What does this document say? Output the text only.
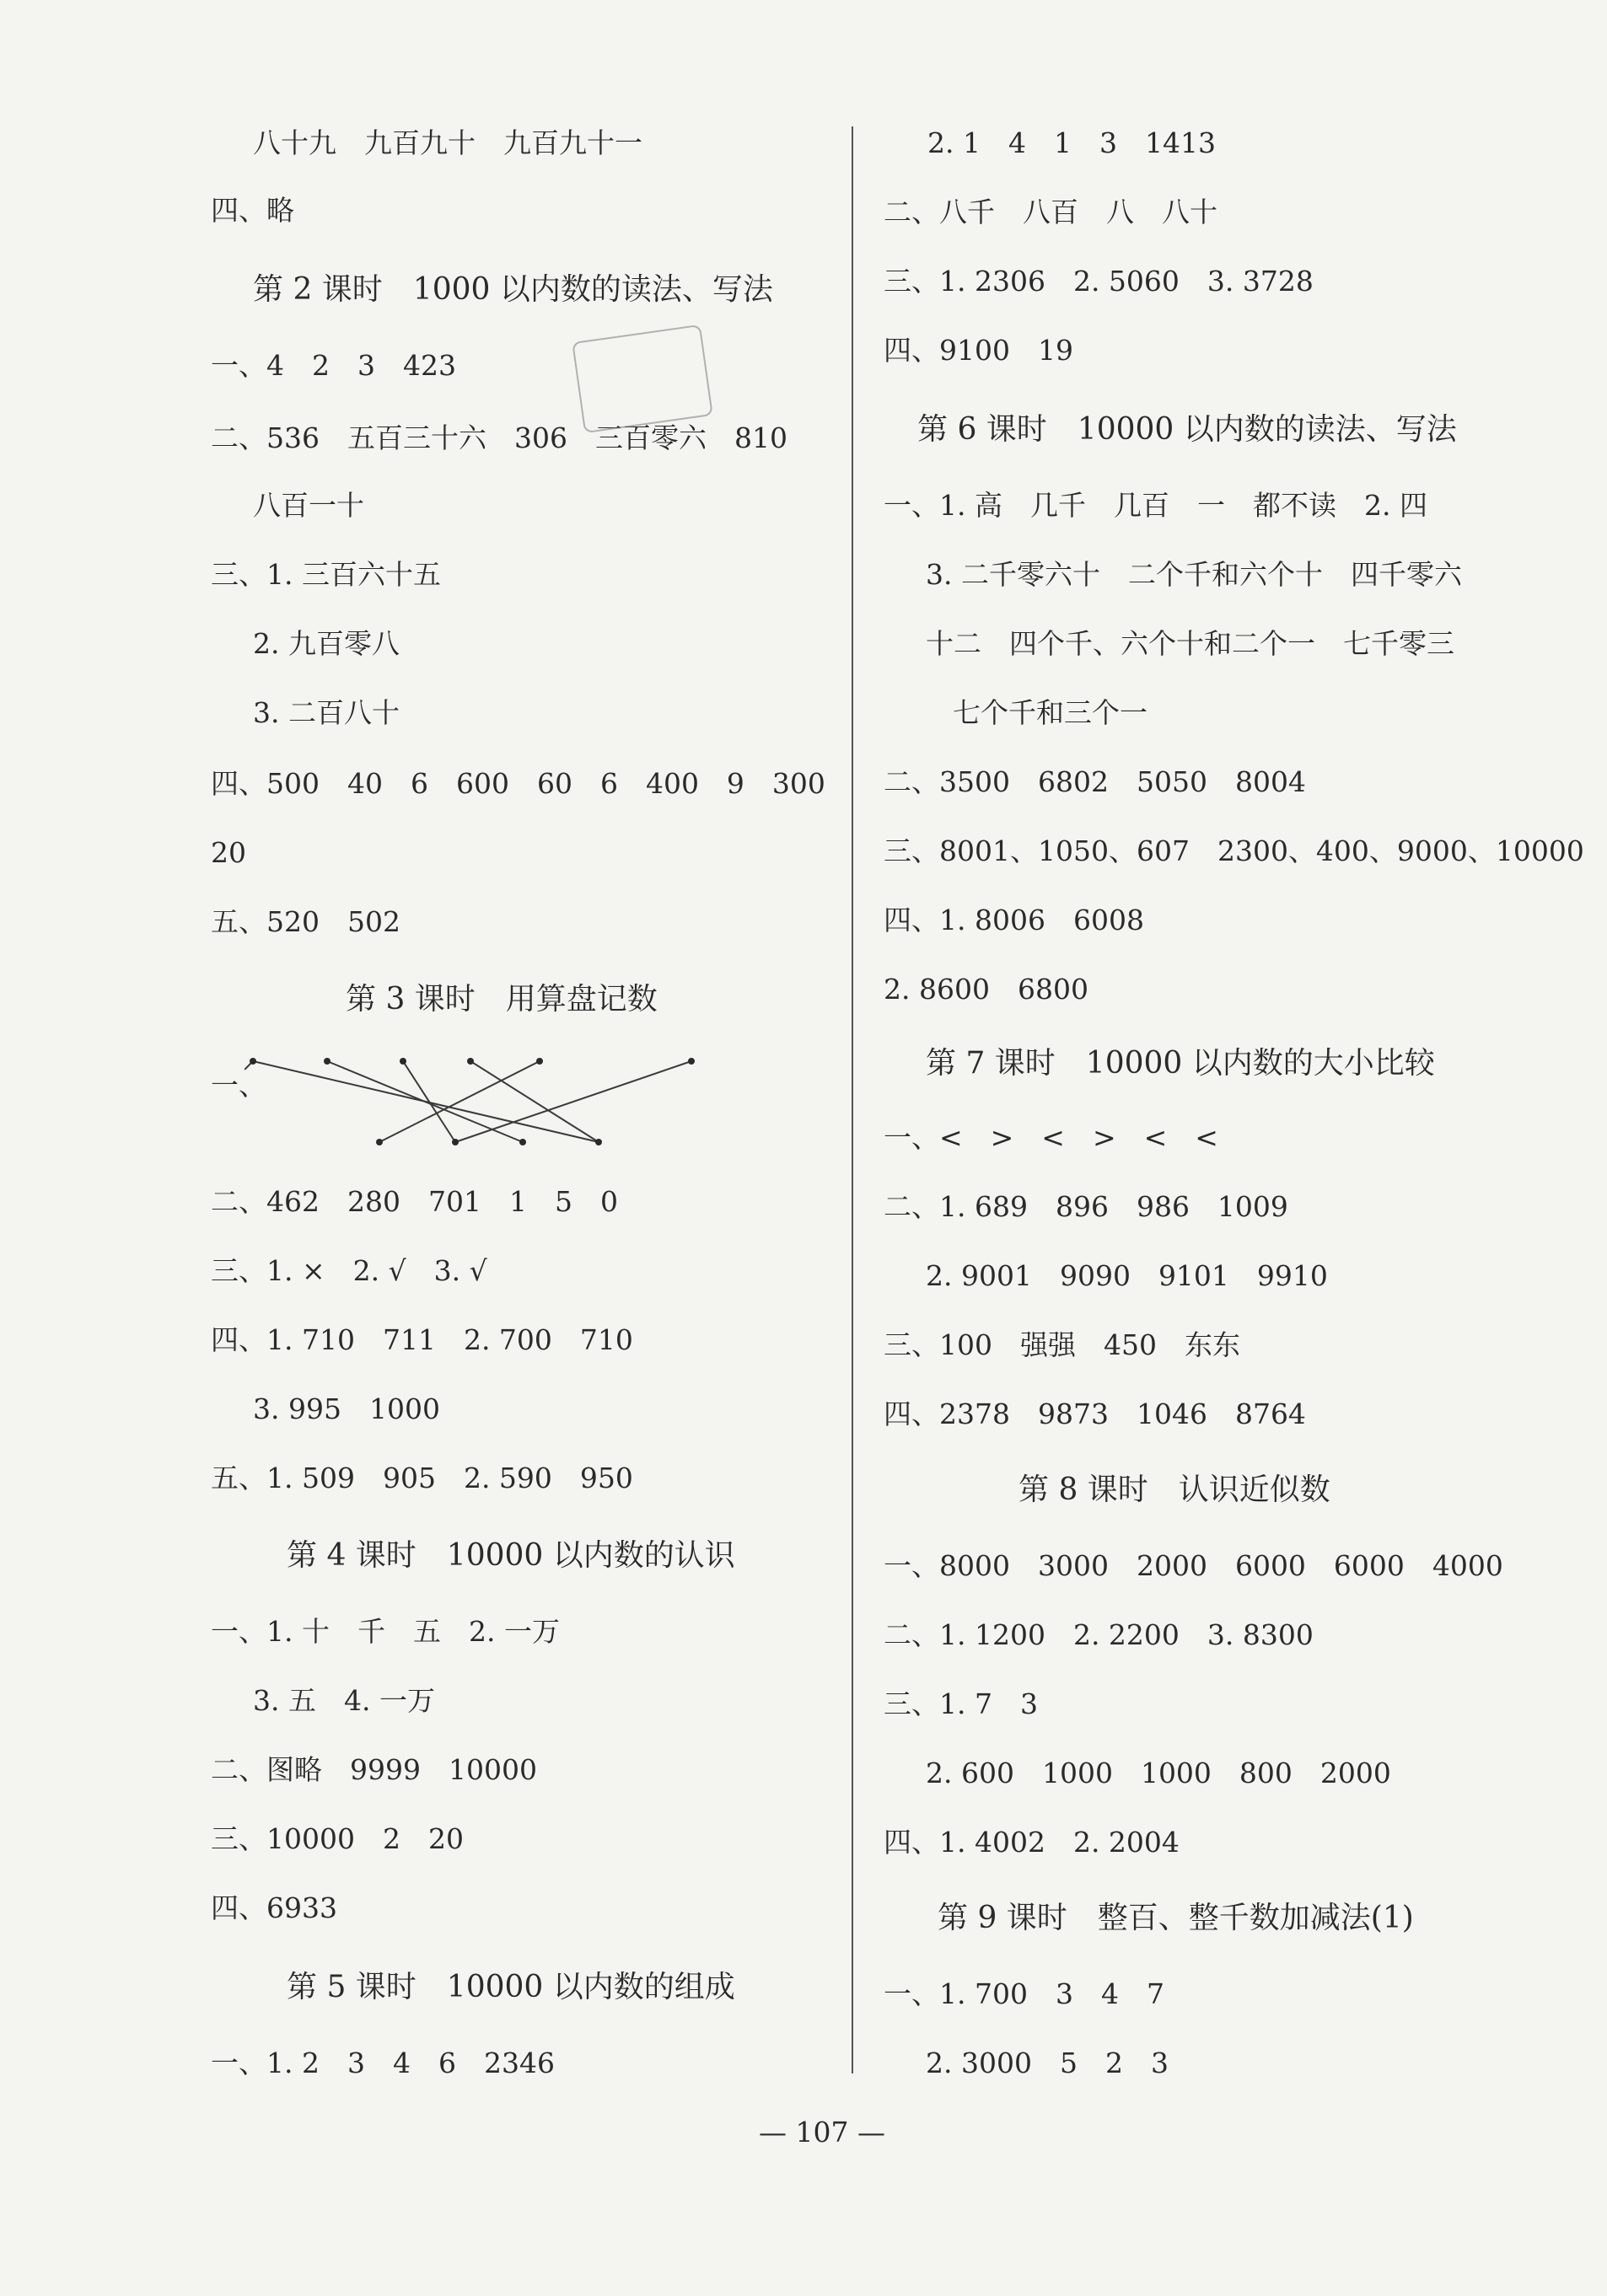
八十九　九百九十　九百九十一
四、略
第 2 课时　1000 以内数的读法、写法
一、4　2　3　423
二、536　五百三十六　306　三百零六　810
八百一十
三、1. 三百六十五
2. 九百零八
3. 二百八十
四、500　40　6　600　60　6　400　9　300
20
五、520　502
第 3 课时　用算盘记数
一、
二、462　280　701　1　5　0
三、1. ×　2. √　3. √
四、1. 710　711　2. 700　710
3. 995　1000
五、1. 509　905　2. 590　950
第 4 课时　10000 以内数的认识
一、1. 十　千　五　2. 一万
3. 五　4. 一万
二、图略　9999　10000
三、10000　2　20
四、6933
第 5 课时　10000 以内数的组成
一、1. 2　3　4　6　2346
2. 1　4　1　3　1413
二、八千　八百　八　八十
三、1. 2306　2. 5060　3. 3728
四、9100　19
第 6 课时　10000 以内数的读法、写法
一、1. 高　几千　几百　一　都不读　2. 四
3. 二千零六十　二个千和六个十　四千零六
十二　四个千、六个十和二个一　七千零三
七个千和三个一
二、3500　6802　5050　8004
三、8001、1050、607　2300、400、9000、10000
四、1. 8006　6008
2. 8600　6800
第 7 课时　10000 以内数的大小比较
一、<　>　<　>　<　<
二、1. 689　896　986　1009
2. 9001　9090　9101　9910
三、100　强强　450　东东
四、2378　9873　1046　8764
第 8 课时　认识近似数
一、8000　3000　2000　6000　6000　4000
二、1. 1200　2. 2200　3. 8300
三、1. 7　3
2. 600　1000　1000　800　2000
四、1. 4002　2. 2004
第 9 课时　整百、整千数加减法(1)
一、1. 700　3　4　7
2. 3000　5　2　3
— 107 —
